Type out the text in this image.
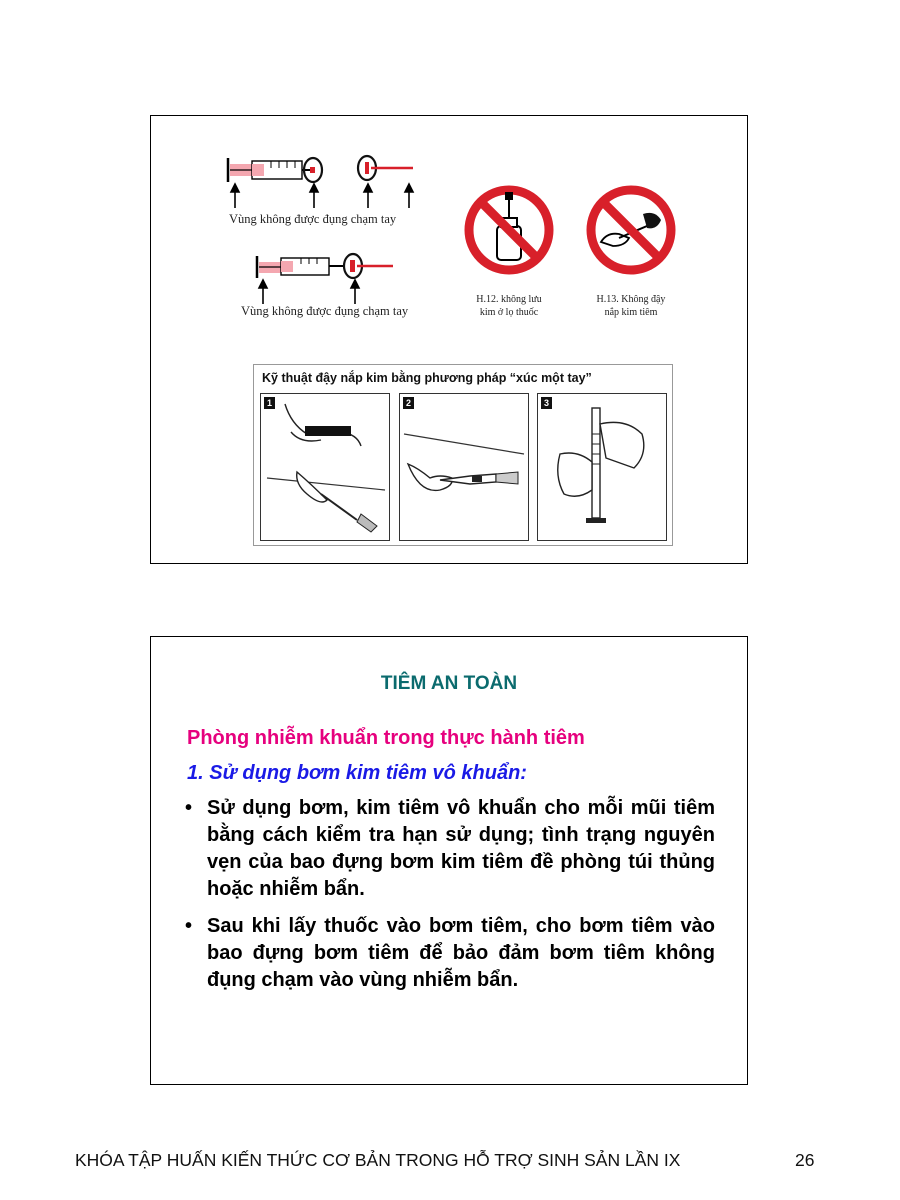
Vùng không được đụng chạm tay
Vùng không được đụng chạm tay
H.12. không lưu
kim ở lọ thuốc
H.13. Không đậy
nắp kim tiêm
Kỹ thuật đậy nắp kim bằng phương pháp “xúc một tay”
1	2	3
TIÊM AN TOÀN
Phòng nhiễm khuẩn trong thực hành tiêm
1. Sử dụng bơm kim tiêm vô khuẩn:
• Sử dụng bơm, kim tiêm vô khuẩn cho mỗi mũi tiêm bằng cách kiểm tra hạn sử dụng; tình trạng nguyên vẹn của bao đựng bơm kim tiêm đề phòng túi thủng hoặc nhiễm bẩn.
• Sau khi lấy thuốc vào bơm tiêm, cho bơm tiêm vào bao đựng bơm tiêm để bảo đảm bơm tiêm không đụng chạm vào vùng nhiễm bẩn.
KHÓA TẬP HUẤN KIẾN THỨC CƠ BẢN TRONG HỖ TRỢ SINH SẢN LẦN IX	26
